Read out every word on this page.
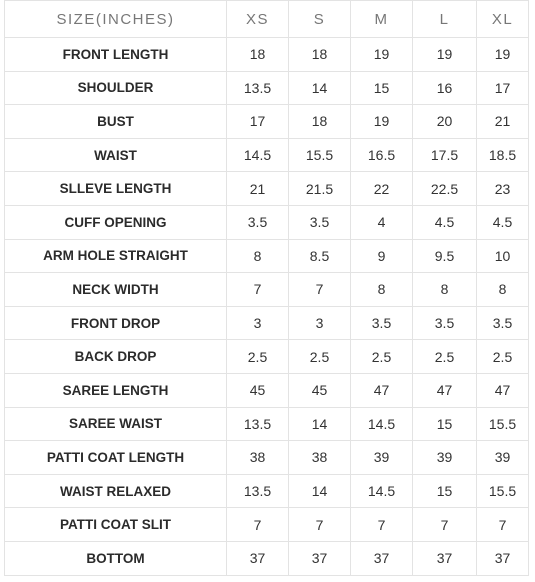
SIZE(INCHES)	XS	S	M	L	XL
FRONT LENGTH	18	18	19	19	19
SHOULDER	13.5	14	15	16	17
BUST	17	18	19	20	21
WAIST	14.5	15.5	16.5	17.5	18.5
SLLEVE LENGTH	21	21.5	22	22.5	23
CUFF OPENING	3.5	3.5	4	4.5	4.5
ARM HOLE STRAIGHT	8	8.5	9	9.5	10
NECK WIDTH	7	7	8	8	8
FRONT DROP	3	3	3.5	3.5	3.5
BACK DROP	2.5	2.5	2.5	2.5	2.5
SAREE LENGTH	45	45	47	47	47
SAREE WAIST	13.5	14	14.5	15	15.5
PATTI COAT LENGTH	38	38	39	39	39
WAIST RELAXED	13.5	14	14.5	15	15.5
PATTI COAT SLIT	7	7	7	7	7
BOTTOM	37	37	37	37	37
